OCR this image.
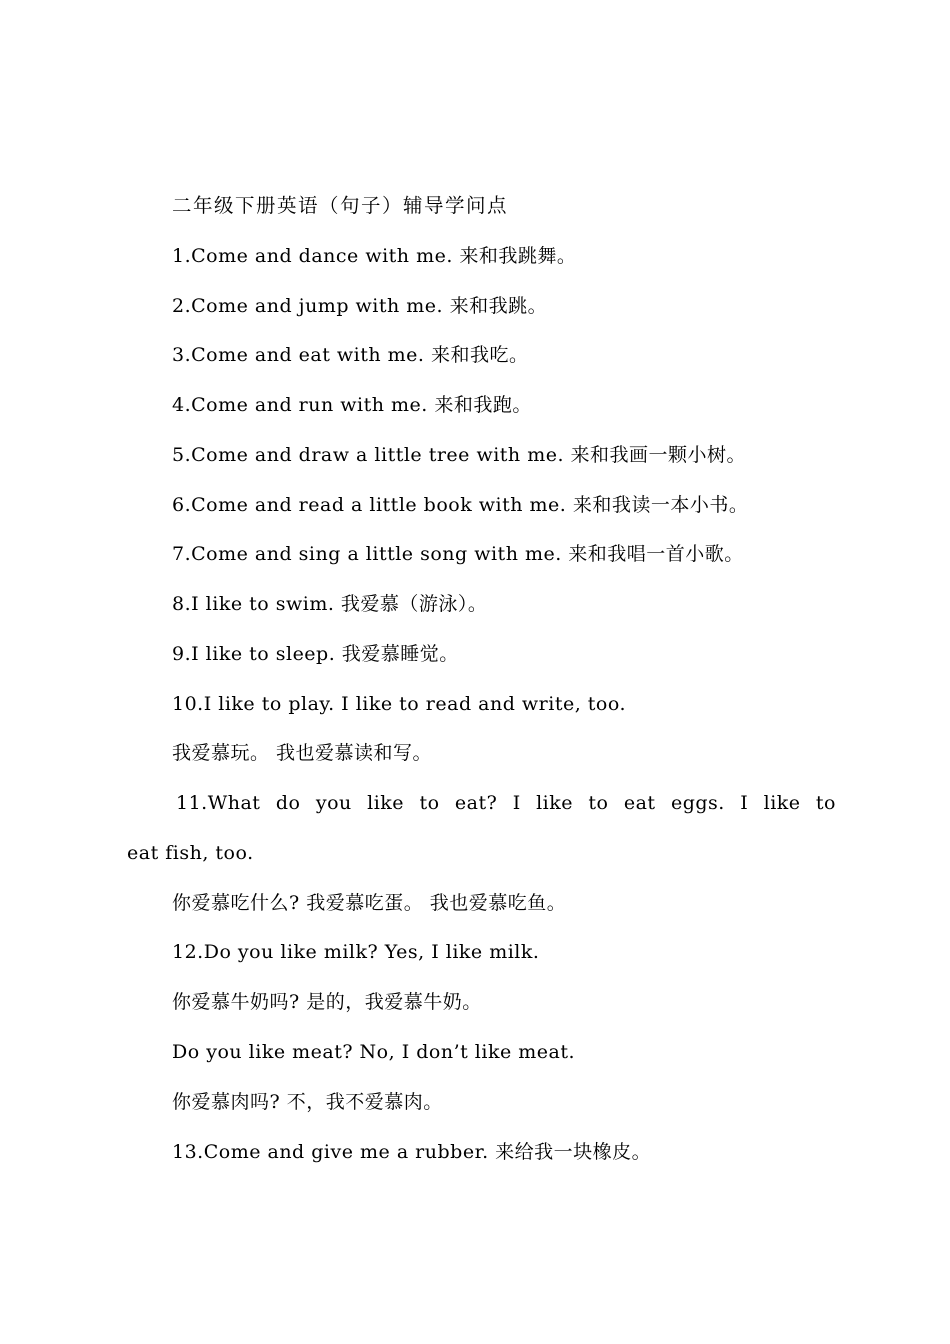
二年级下册英语（句子）辅导学问点
1.Come and dance with me. 来和我跳舞。
2.Come and jump with me. 来和我跳。
3.Come and eat with me. 来和我吃。
4.Come and run with me. 来和我跑。
5.Come and draw a little tree with me. 来和我画一颗小树。
6.Come and read a little book with me. 来和我读一本小书。
7.Come and sing a little song with me. 来和我唱一首小歌。
8.I like to swim. 我爱慕（游泳）。
9.I like to sleep. 我爱慕睡觉。
10.I like to play. I like to read and write, too.
我爱慕玩。 我也爱慕读和写。
11.What do you like to eat? I like to eat eggs. I like to
eat fish, too.
你爱慕吃什么? 我爱慕吃蛋。 我也爱慕吃鱼。
12.Do you like milk? Yes, I like milk.
你爱慕牛奶吗? 是的，我爱慕牛奶。
Do you like meat? No, I don’t like meat.
你爱慕肉吗? 不，我不爱慕肉。
13.Come and give me a rubber. 来给我一块橡皮。
